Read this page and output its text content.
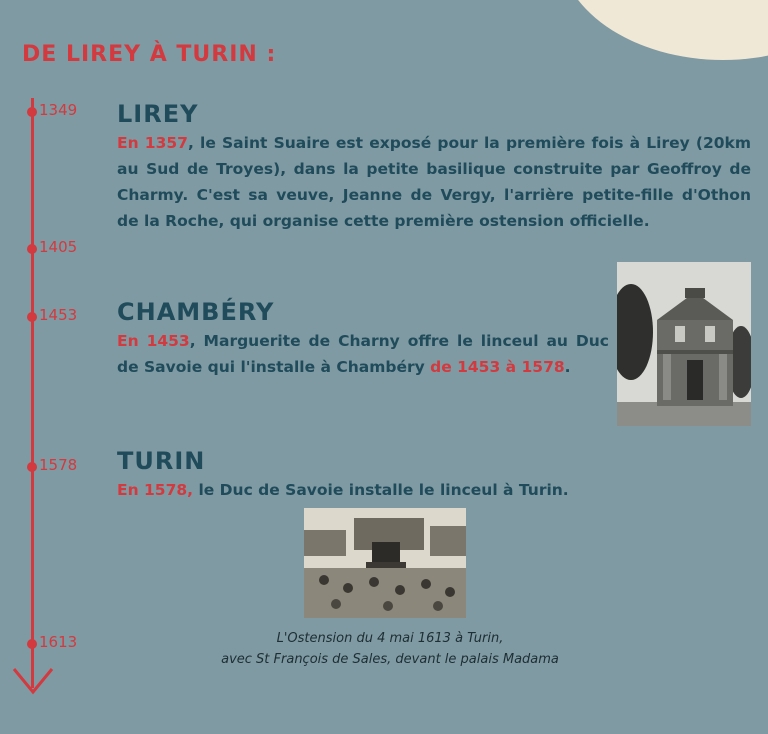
DE LIREY À TURIN :
1349
1405
1453
1578
1613
LIREY

En 1357, le Saint Suaire est exposé pour la première fois à Lirey (20km au Sud de Troyes), dans la petite basilique construite par Geoffroy de Charmy. C'est sa veuve, Jeanne de Vergy, l'arrière petite-fille d'Othon de la Roche, qui organise cette première ostension officielle.

CHAMBÉRY

En 1453, Marguerite de Charny offre le linceul au Duc de Savoie qui l'installe à Chambéry de 1453 à 1578.

TURIN

En 1578, le Duc de Savoie installe le linceul à Turin.

L'Ostension du 4 mai 1613 à Turin,
avec St François de Sales, devant le palais Madama
